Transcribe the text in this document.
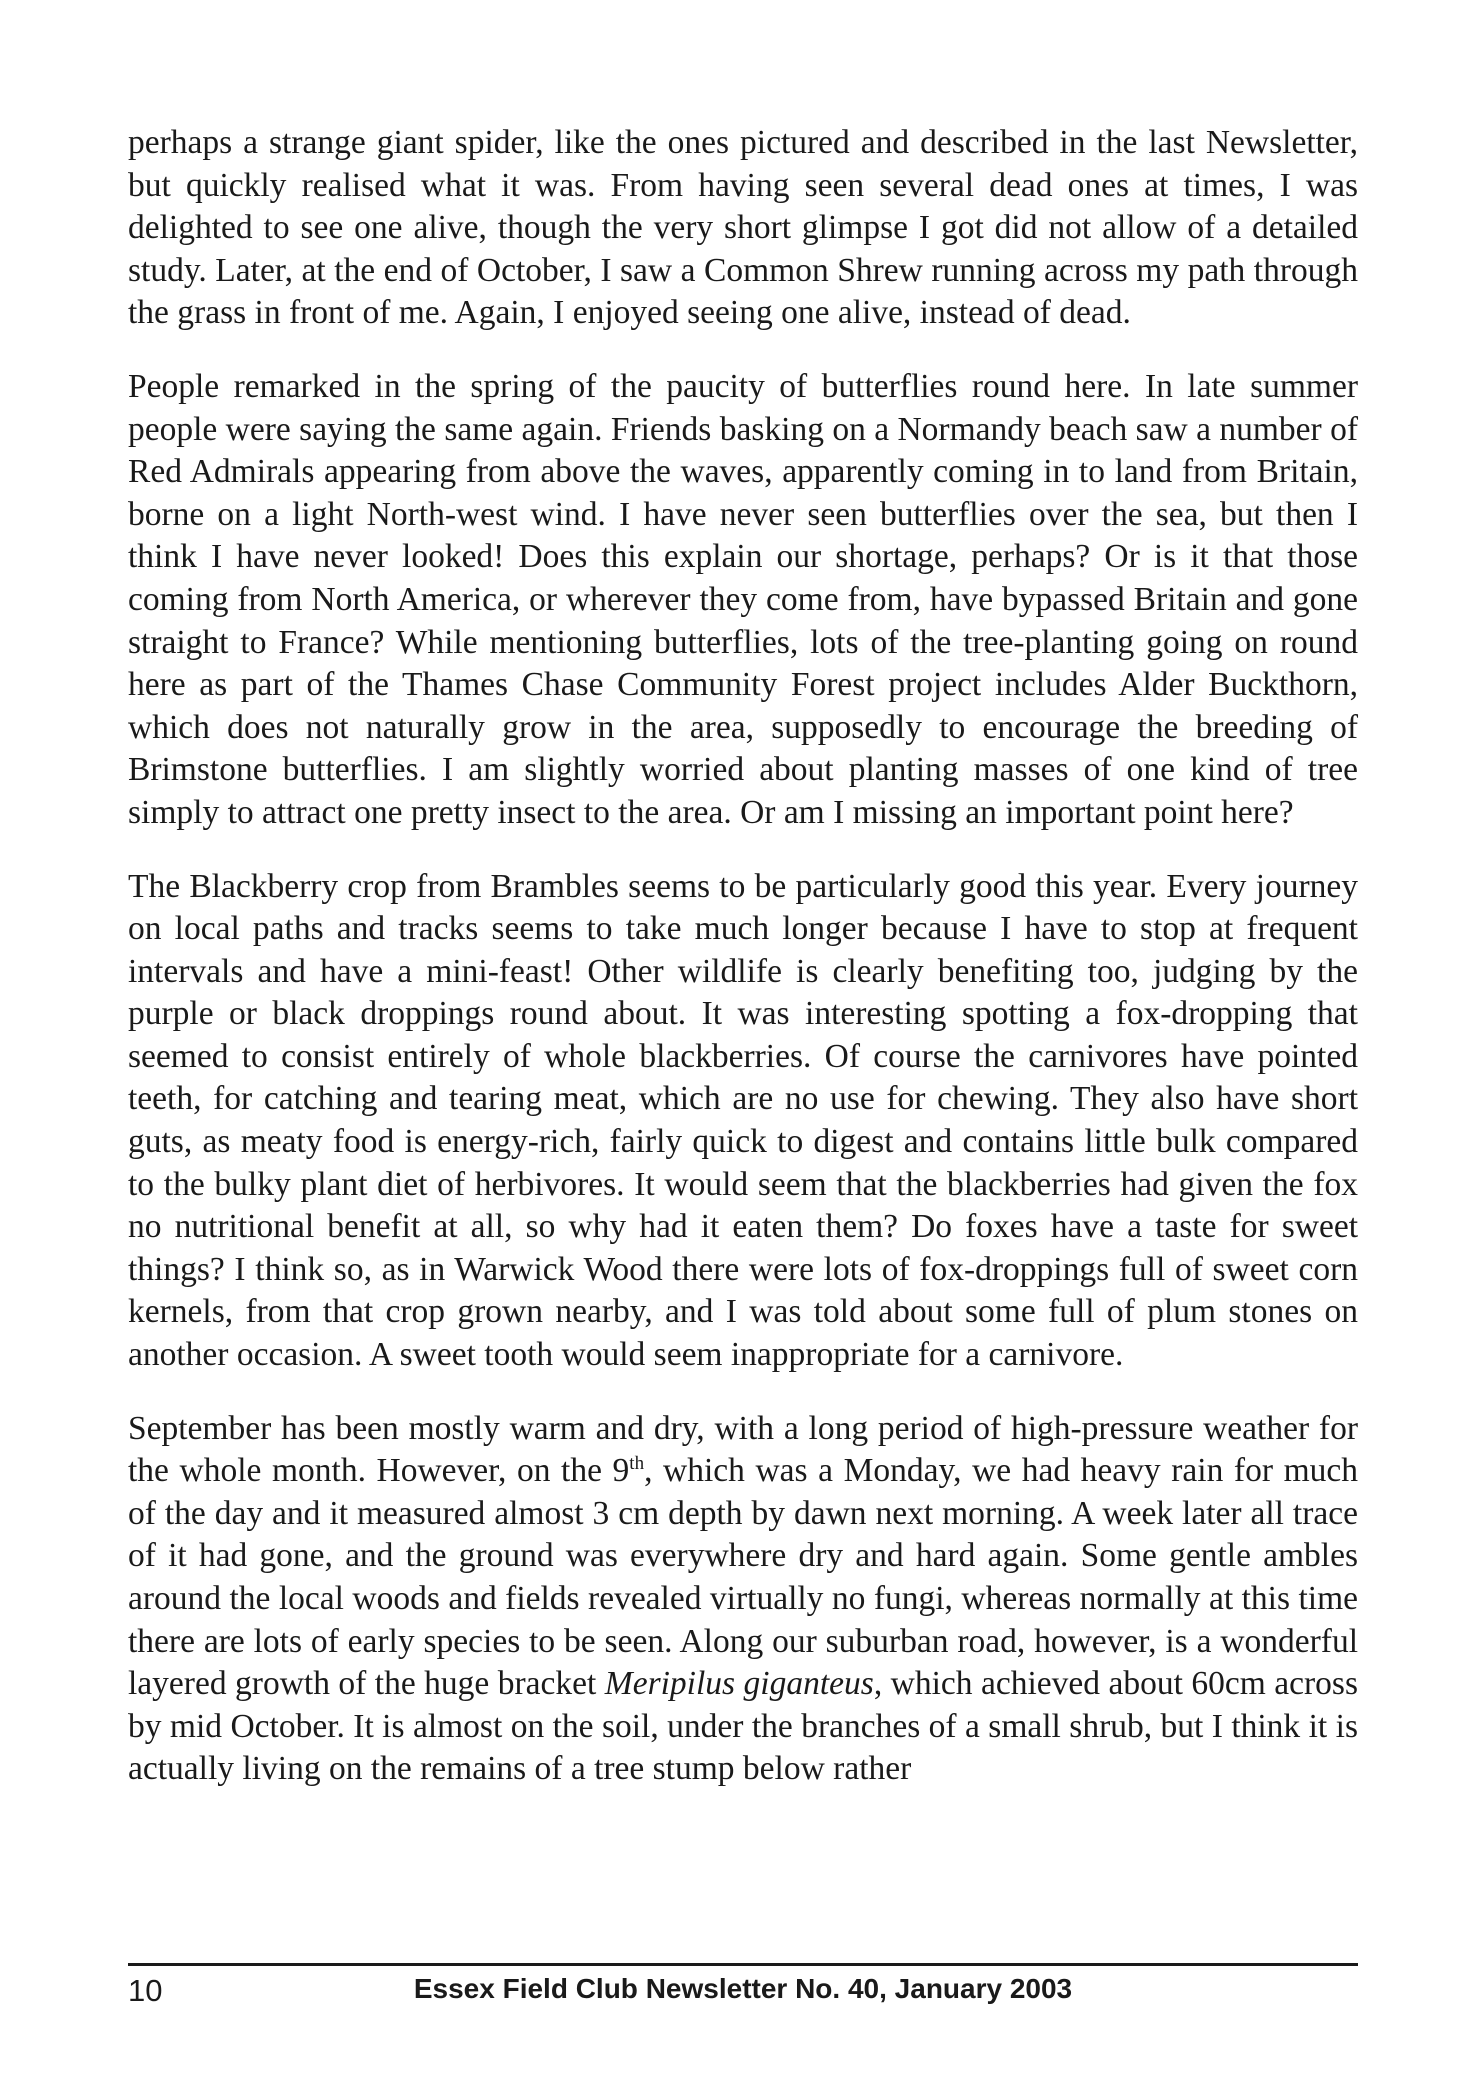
perhaps a strange giant spider, like the ones pictured and described in the last Newsletter, but quickly realised what it was. From having seen several dead ones at times, I was delighted to see one alive, though the very short glimpse I got did not allow of a detailed study. Later, at the end of October, I saw a Common Shrew running across my path through the grass in front of me. Again, I enjoyed seeing one alive, instead of dead.

People remarked in the spring of the paucity of butterflies round here. In late summer people were saying the same again. Friends basking on a Normandy beach saw a number of Red Admirals appearing from above the waves, apparently coming in to land from Britain, borne on a light North-west wind. I have never seen butterflies over the sea, but then I think I have never looked! Does this explain our shortage, perhaps? Or is it that those coming from North America, or wherever they come from, have bypassed Britain and gone straight to France? While mentioning butterflies, lots of the tree-planting going on round here as part of the Thames Chase Community Forest project includes Alder Buckthorn, which does not naturally grow in the area, supposedly to encourage the breeding of Brimstone butterflies. I am slightly worried about planting masses of one kind of tree simply to attract one pretty insect to the area. Or am I missing an important point here?

The Blackberry crop from Brambles seems to be particularly good this year. Every journey on local paths and tracks seems to take much longer because I have to stop at frequent intervals and have a mini-feast! Other wildlife is clearly benefiting too, judging by the purple or black droppings round about. It was interesting spotting a fox-dropping that seemed to consist entirely of whole blackberries. Of course the carnivores have pointed teeth, for catching and tearing meat, which are no use for chewing. They also have short guts, as meaty food is energy-rich, fairly quick to digest and contains little bulk compared to the bulky plant diet of herbivores. It would seem that the blackberries had given the fox no nutritional benefit at all, so why had it eaten them? Do foxes have a taste for sweet things? I think so, as in Warwick Wood there were lots of fox-droppings full of sweet corn kernels, from that crop grown nearby, and I was told about some full of plum stones on another occasion. A sweet tooth would seem inappropriate for a carnivore.

September has been mostly warm and dry, with a long period of high-pressure weather for the whole month. However, on the 9th, which was a Monday, we had heavy rain for much of the day and it measured almost 3 cm depth by dawn next morning. A week later all trace of it had gone, and the ground was everywhere dry and hard again. Some gentle ambles around the local woods and fields revealed virtually no fungi, whereas normally at this time there are lots of early species to be seen. Along our suburban road, however, is a wonderful layered growth of the huge bracket Meripilus giganteus, which achieved about 60cm across by mid October. It is almost on the soil, under the branches of a small shrub, but I think it is actually living on the remains of a tree stump below rather

10	Essex Field Club Newsletter No. 40, January 2003
